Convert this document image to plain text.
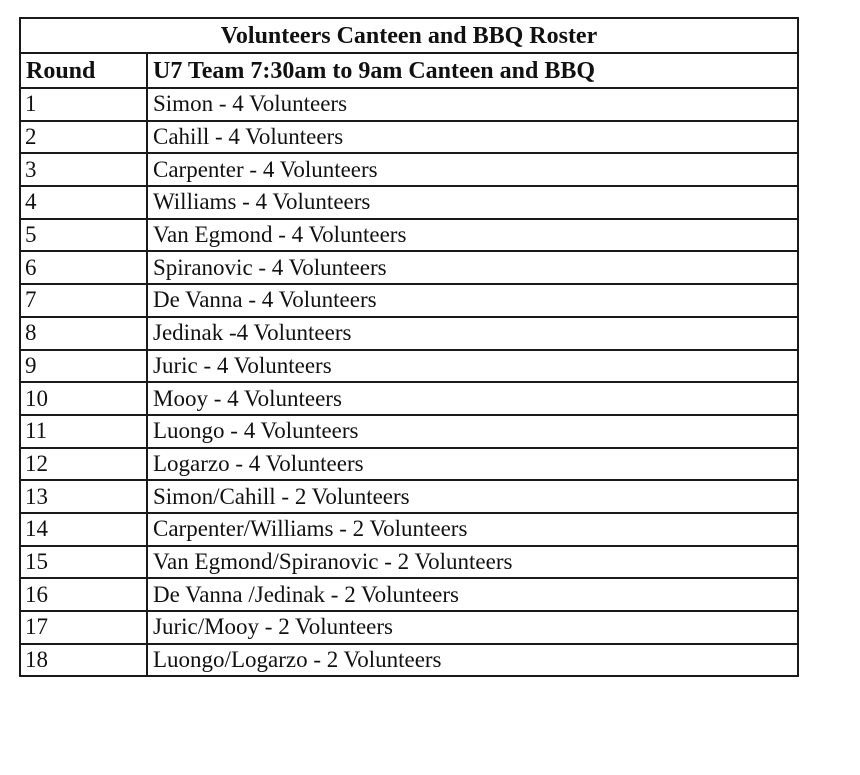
Volunteers Canteen and BBQ Roster	
Round	U7 Team 7:30am to 9am Canteen and BBQ
1	Simon - 4 Volunteers
2	Cahill - 4 Volunteers
3	Carpenter - 4 Volunteers
4	Williams - 4 Volunteers
5	Van Egmond - 4 Volunteers
6	Spiranovic - 4 Volunteers
7	De Vanna - 4 Volunteers
8	Jedinak -4 Volunteers
9	Juric - 4 Volunteers
10	Mooy - 4 Volunteers
11	Luongo - 4 Volunteers
12	Logarzo - 4 Volunteers
13	Simon/Cahill - 2 Volunteers
14	Carpenter/Williams - 2 Volunteers
15	Van Egmond/Spiranovic - 2 Volunteers
16	De Vanna /Jedinak - 2 Volunteers
17	Juric/Mooy - 2 Volunteers
18	Luongo/Logarzo - 2 Volunteers
